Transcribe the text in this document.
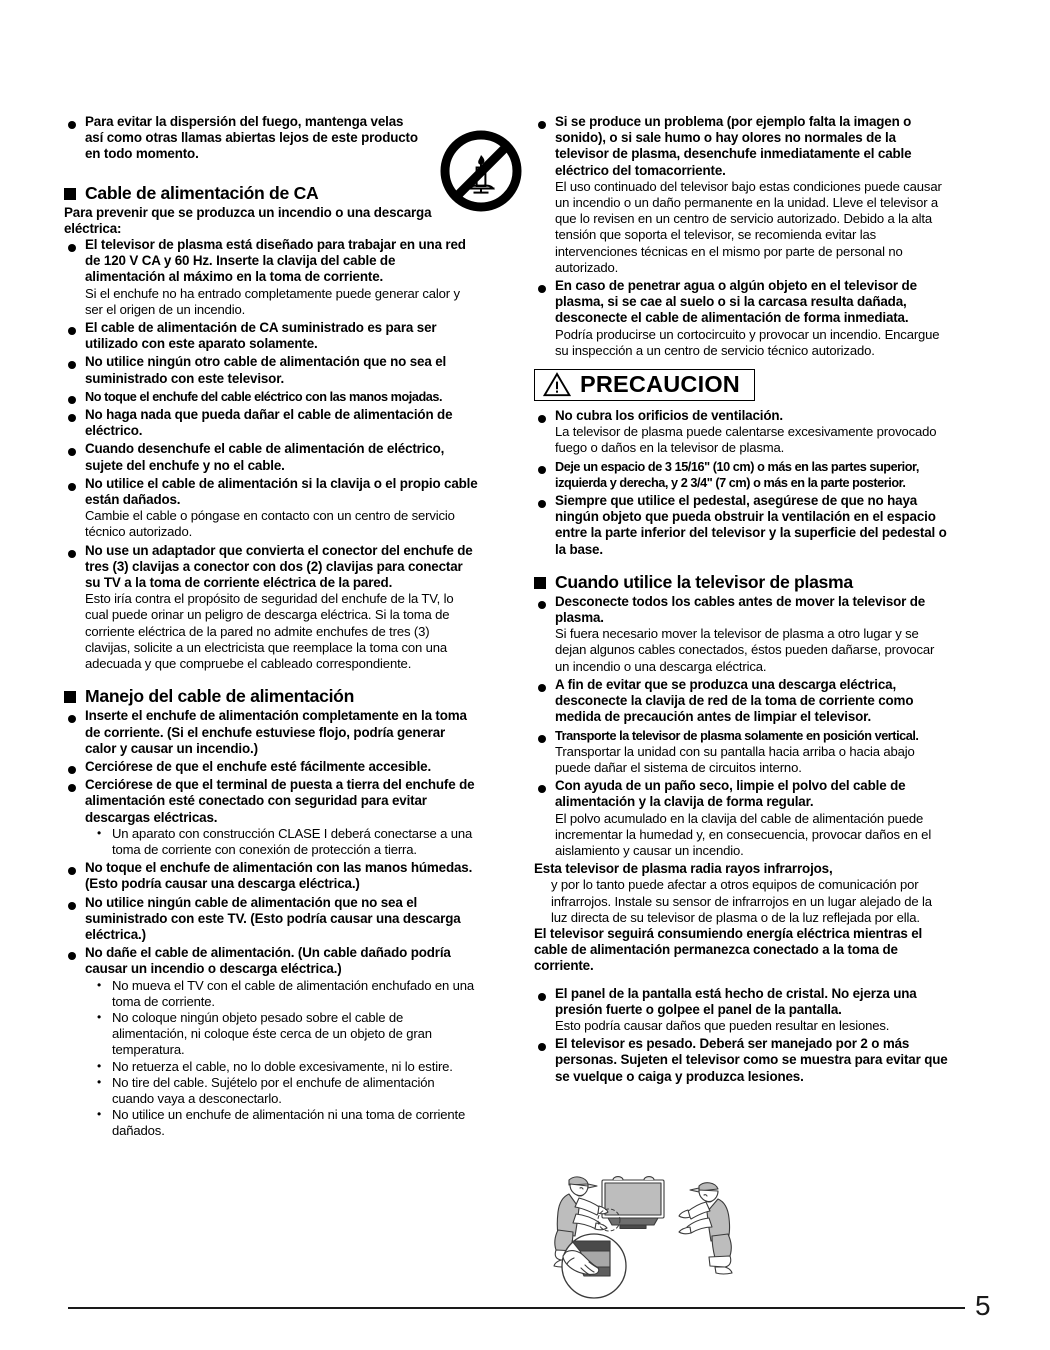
Para evitar la dispersión del fuego, mantenga velas así como otras llamas abiertas lejos de este producto en todo momento.
Cable de alimentación de CA
Para prevenir que se produzca un incendio o una descarga eléctrica:
El televisor de plasma está diseñado para trabajar en una red de 120 V CA y 60 Hz. Inserte la clavija del cable de alimentación al máximo en la toma de corriente.
Si el enchufe no ha entrado completamente puede generar calor y ser el origen de un incendio.
El cable de alimentación de CA suministrado es para ser utilizado con este aparato solamente.
No utilice ningún otro cable de alimentación que no sea el suministrado con este televisor.
No toque el enchufe del cable eléctrico con las manos mojadas.
No haga nada que pueda dañar el cable de alimentación de eléctrico.
Cuando desenchufe el cable de alimentación de eléctrico, sujete del enchufe y no el cable.
No utilice el cable de alimentación si la clavija o el propio cable están dañados.
Cambie el cable o póngase en contacto con un centro de servicio técnico autorizado.
No use un adaptador que convierta el conector del enchufe de tres (3) clavijas a conector con dos (2) clavijas para conectar su TV a la toma de corriente eléctrica de la pared.
Esto iría contra el propósito de seguridad del enchufe de la TV, lo cual puede orinar un peligro de descarga eléctrica. Si la toma de corriente eléctrica de la pared no admite enchufes de tres (3) clavijas, solicite a un electricista que reemplace la toma con una adecuada y que compruebe el cableado correspondiente.
Manejo del cable de alimentación
Inserte el enchufe de alimentación completamente en la toma de corriente. (Si el enchufe estuviese flojo, podría generar calor y causar un incendio.)
Cerciórese de que el enchufe esté fácilmente accesible.
Cerciórese de que el terminal de puesta a tierra del enchufe de alimentación esté conectado con seguridad para evitar descargas eléctricas.
• Un aparato con construcción CLASE I deberá conectarse a una toma de corriente con conexión de protección a tierra.
No toque el enchufe de alimentación con las manos húmedas. (Esto podría causar una descarga eléctrica.)
No utilice ningún cable de alimentación que no sea el suministrado con este TV. (Esto podría causar una descarga eléctrica.)
No dañe el cable de alimentación. (Un cable dañado podría causar un incendio o descarga eléctrica.)
• No mueva el TV con el cable de alimentación enchufado en una toma de corriente.
• No coloque ningún objeto pesado sobre el cable de alimentación, ni coloque éste cerca de un objeto de gran temperatura.
• No retuerza el cable, no lo doble excesivamente, ni lo estire.
• No tire del cable. Sujételo por el enchufe de alimentación cuando vaya a desconectarlo.
• No utilice un enchufe de alimentación ni una toma de corriente dañados.
Si se produce un problema (por ejemplo falta la imagen o sonido), o si sale humo o hay olores no normales de la televisor de plasma, desenchufe inmediatamente el cable eléctrico del tomacorriente.
El uso continuado del televisor bajo estas condiciones puede causar un incendio o un daño permanente en la unidad. Lleve el televisor a que lo revisen en un centro de servicio autorizado. Debido a la alta tensión que soporta el televisor, se recomienda evitar las intervenciones técnicas en el mismo por parte de personal no autorizado.
En caso de penetrar agua o algún objeto en el televisor de plasma, si se cae al suelo o si la carcasa resulta dañada, desconecte el cable de alimentación de forma inmediata.
Podría producirse un cortocircuito y provocar un incendio. Encargue su inspección a un centro de servicio técnico autorizado.
PRECAUCION
No cubra los orificios de ventilación.
La televisor de plasma puede calentarse excesivamente provocado fuego o daños en la televisor de plasma.
Deje un espacio de 3 15/16" (10 cm) o más en las partes superior, izquierda y derecha, y 2 3/4" (7 cm) o más en la parte posterior.
Siempre que utilice el pedestal, asegúrese de que no haya ningún objeto que pueda obstruir la ventilación en el espacio entre la parte inferior del televisor y la superficie del pedestal o la base.
Cuando utilice la televisor de plasma
Desconecte todos los cables antes de mover la televisor de plasma.
Si fuera necesario mover la televisor de plasma a otro lugar y se dejan algunos cables conectados, éstos pueden dañarse, provocar un incendio o una descarga eléctrica.
A fin de evitar que se produzca una descarga eléctrica, desconecte la clavija de red de la toma de corriente como medida de precaución antes de limpiar el televisor.
Transporte la televisor de plasma solamente en posición vertical.
Transportar la unidad con su pantalla hacia arriba o hacia abajo puede dañar el sistema de circuitos interno.
Con ayuda de un paño seco, limpie el polvo del cable de alimentación y la clavija de forma regular.
El polvo acumulado en la clavija del cable de alimentación puede incrementar la humedad y, en consecuencia, provocar daños en el aislamiento y causar un incendio.
Esta televisor de plasma radia rayos infrarrojos,
y por lo tanto puede afectar a otros equipos de comunicación por infrarrojos. Instale su sensor de infrarrojos en un lugar alejado de la luz directa de su televisor de plasma o de la luz reflejada por ella.
El televisor seguirá consumiendo energía eléctrica mientras el cable de alimentación permanezca conectado a la toma de corriente.
El panel de la pantalla está hecho de cristal. No ejerza una presión fuerte o golpee el panel de la pantalla.
Esto podría causar daños que pueden resultar en lesiones.
El televisor es pesado. Deberá ser manejado por 2 o más personas. Sujeten el televisor como se muestra para evitar que se vuelque o caiga y produzca lesiones.
5
